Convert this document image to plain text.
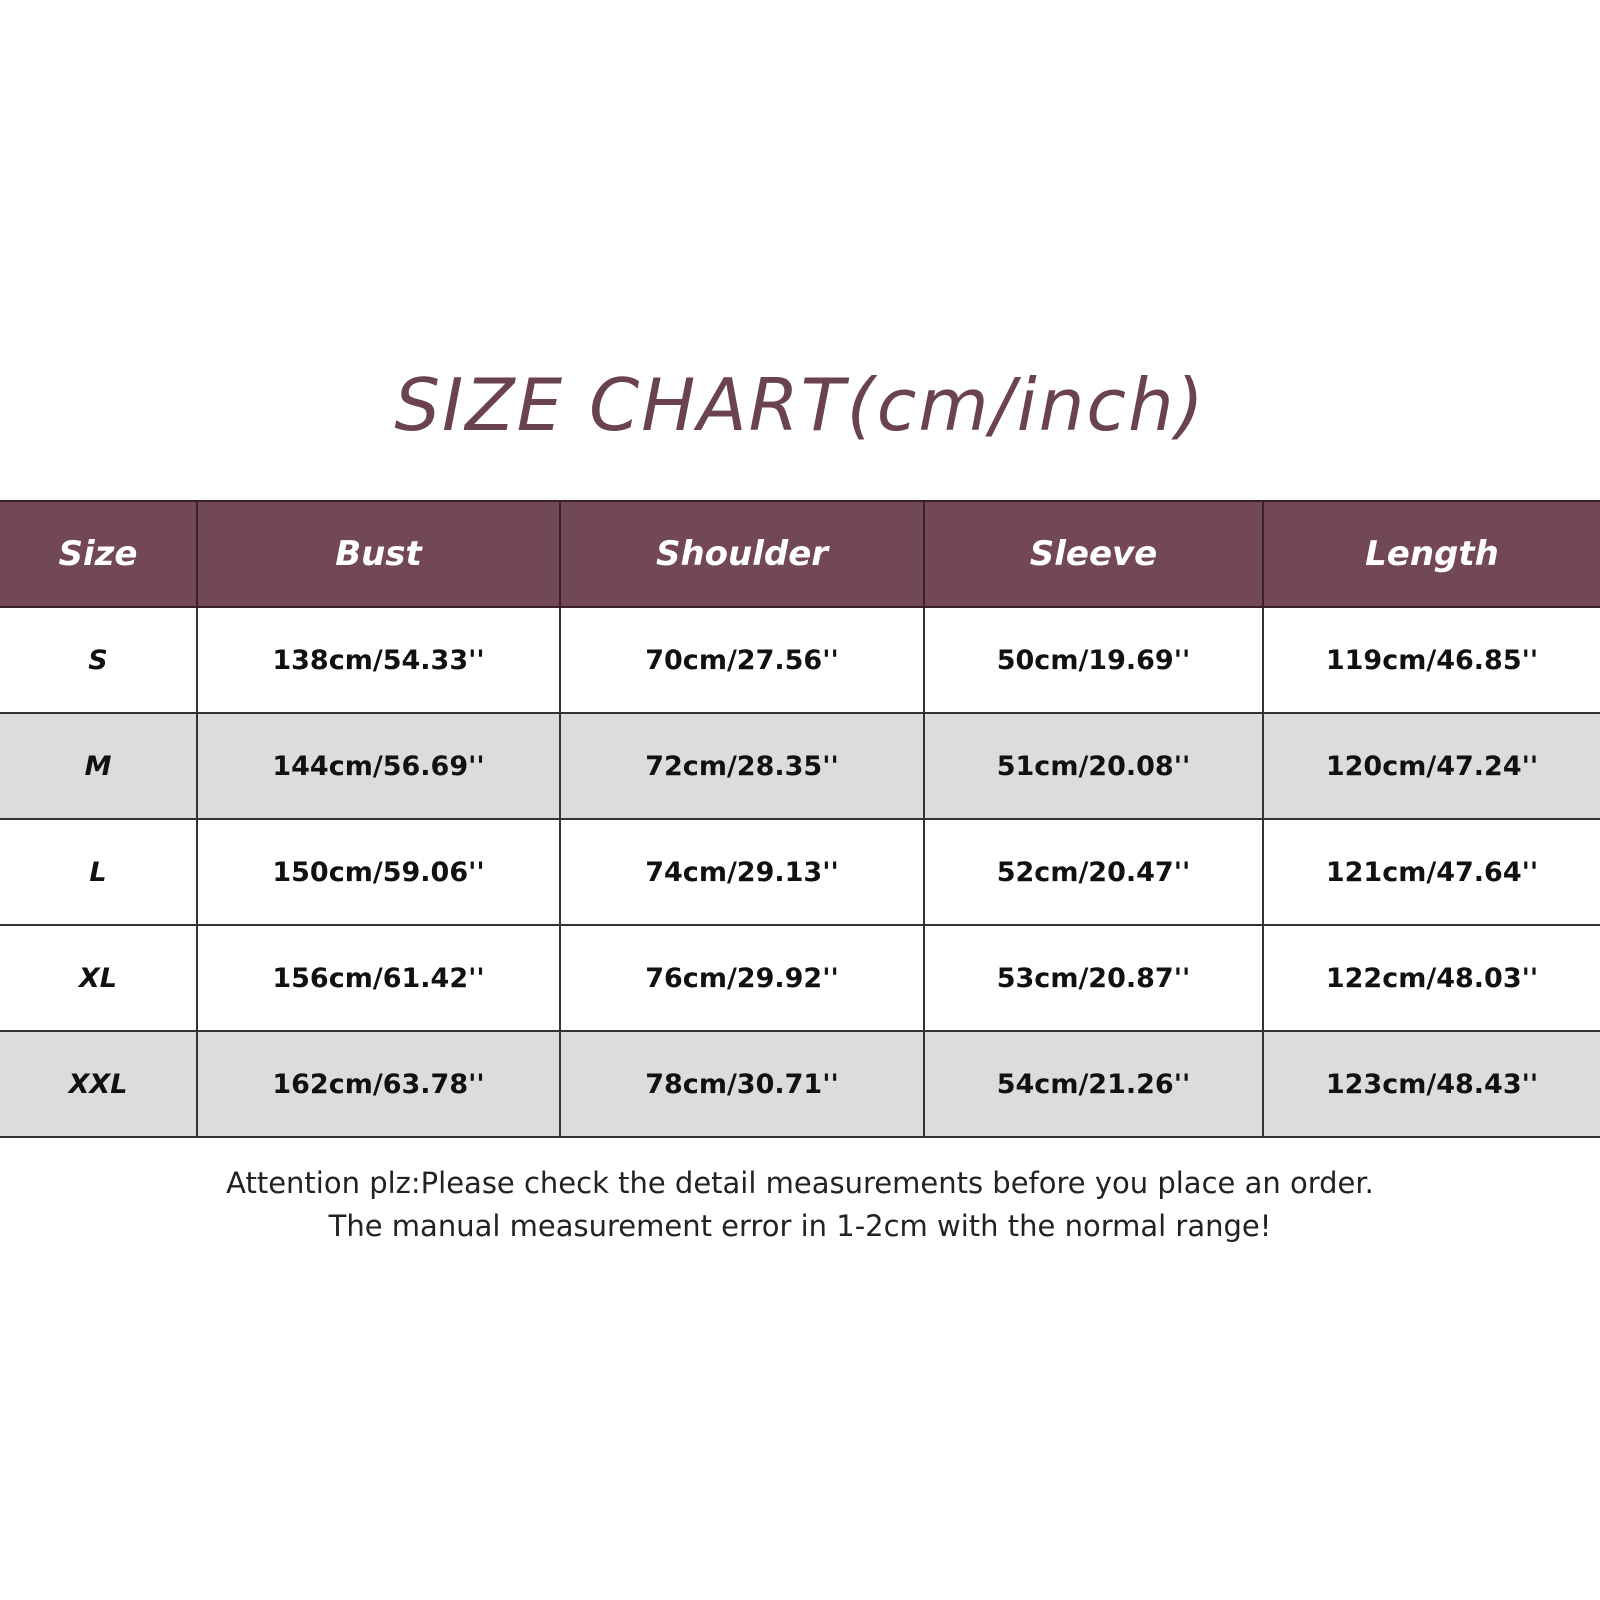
SIZE CHART(cm/inch)
Size	Bust	Shoulder	Sleeve	Length
S	138cm/54.33''	70cm/27.56''	50cm/19.69''	119cm/46.85''
M	144cm/56.69''	72cm/28.35''	51cm/20.08''	120cm/47.24''
L	150cm/59.06''	74cm/29.13''	52cm/20.47''	121cm/47.64''
XL	156cm/61.42''	76cm/29.92''	53cm/20.87''	122cm/48.03''
XXL	162cm/63.78''	78cm/30.71''	54cm/21.26''	123cm/48.43''
Attention plz:Please check the detail measurements before you place an order.
The manual measurement error in 1-2cm with the normal range!
